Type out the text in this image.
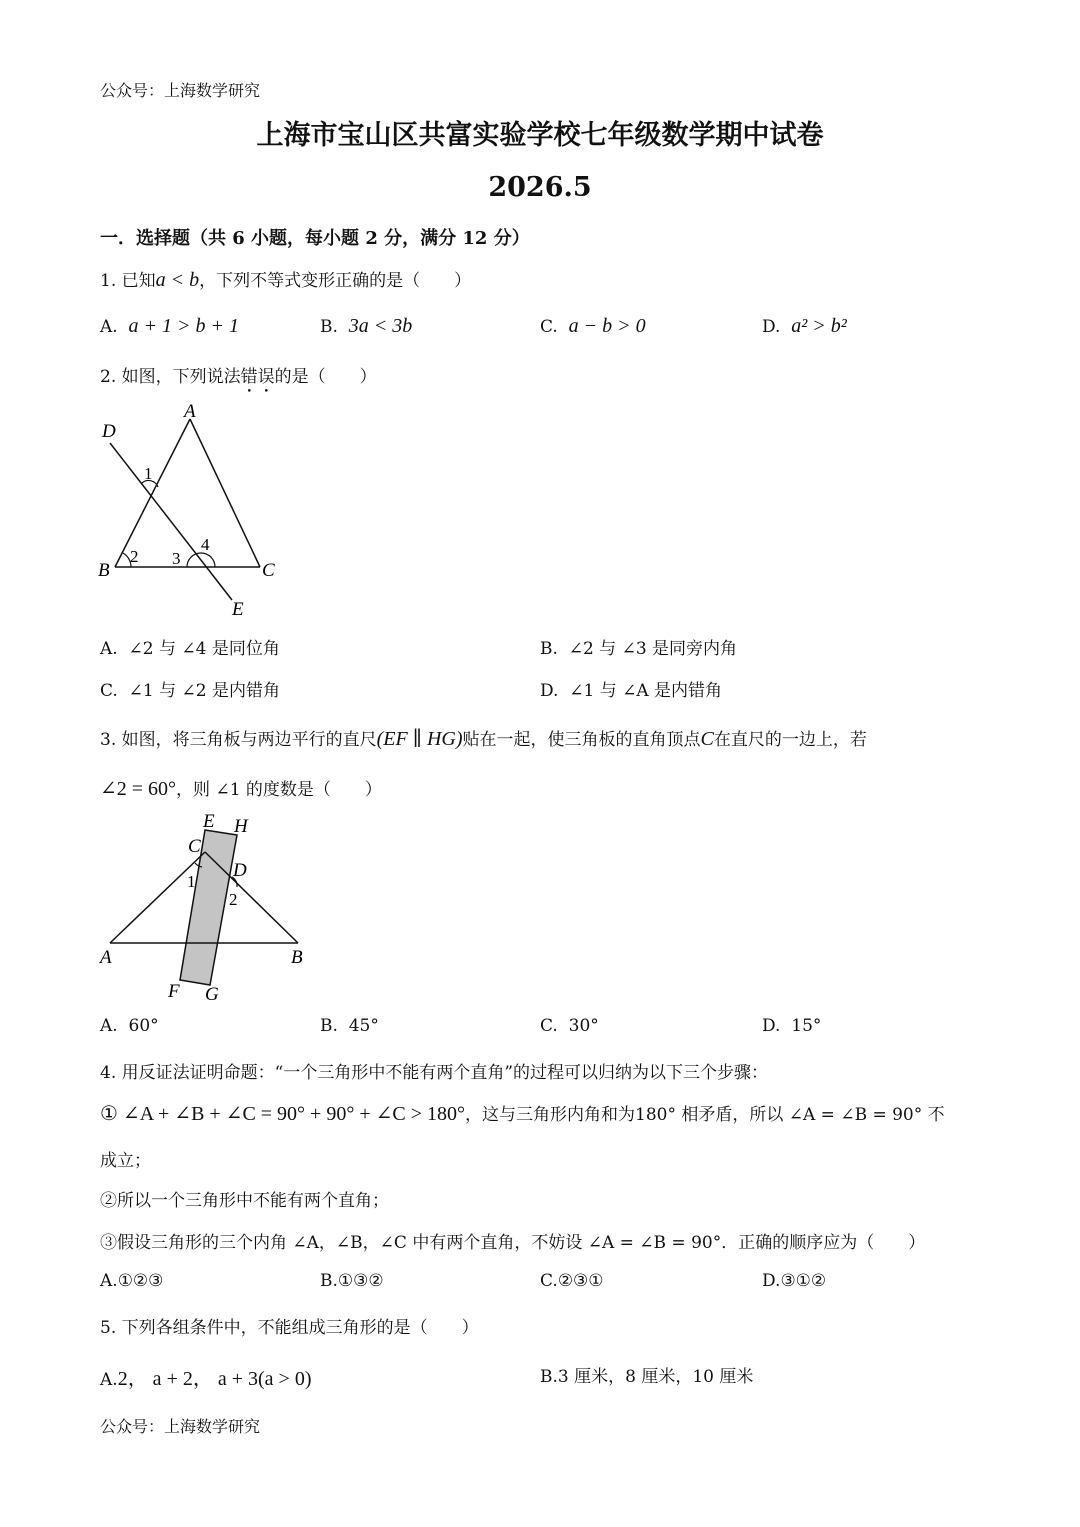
公众号：上海数学研究
上海市宝山区共富实验学校七年级数学期中试卷
2026.5
一．选择题（共 6 小题，每小题 2 分，满分 12 分）
1. 已知a < b，下列不等式变形正确的是（　　）
A. a + 1 > b + 1	B. 3a < 3b	C. a − b > 0	D. a² > b²
2. 如图，下列说法错误的是（　　）
A
B	C
D
E
1
2 3
4
A. ∠2 与 ∠4 是同位角	B. ∠2 与 ∠3 是同旁内角
C. ∠1 与 ∠2 是内错角	D. ∠1 与 ∠A 是内错角
3. 如图，将三角板与两边平行的直尺(EF ∥ HG)贴在一起，使三角板的直角顶点C在直尺的一边上，若
∠2 = 60°，则 ∠1 的度数是（　　）
E H
C
D
A	B
F G
1
2
A. 60°	B. 45°	C. 30°	D. 15°
4. 用反证法证明命题：“一个三角形中不能有两个直角”的过程可以归纳为以下三个步骤：
① ∠A + ∠B + ∠C = 90° + 90° + ∠C > 180°，这与三角形内角和为180° 相矛盾，所以 ∠A = ∠B = 90° 不
成立；
②所以一个三角形中不能有两个直角；
③假设三角形的三个内角 ∠A，∠B，∠C 中有两个直角，不妨设 ∠A = ∠B = 90°．正确的顺序应为（　　）
A.①②③	B.①③②	C.②③①	D.③①②
5. 下列各组条件中，不能组成三角形的是（　　）
A.2， a + 2， a + 3(a > 0)	B.3 厘米，8 厘米，10 厘米
公众号：上海数学研究
